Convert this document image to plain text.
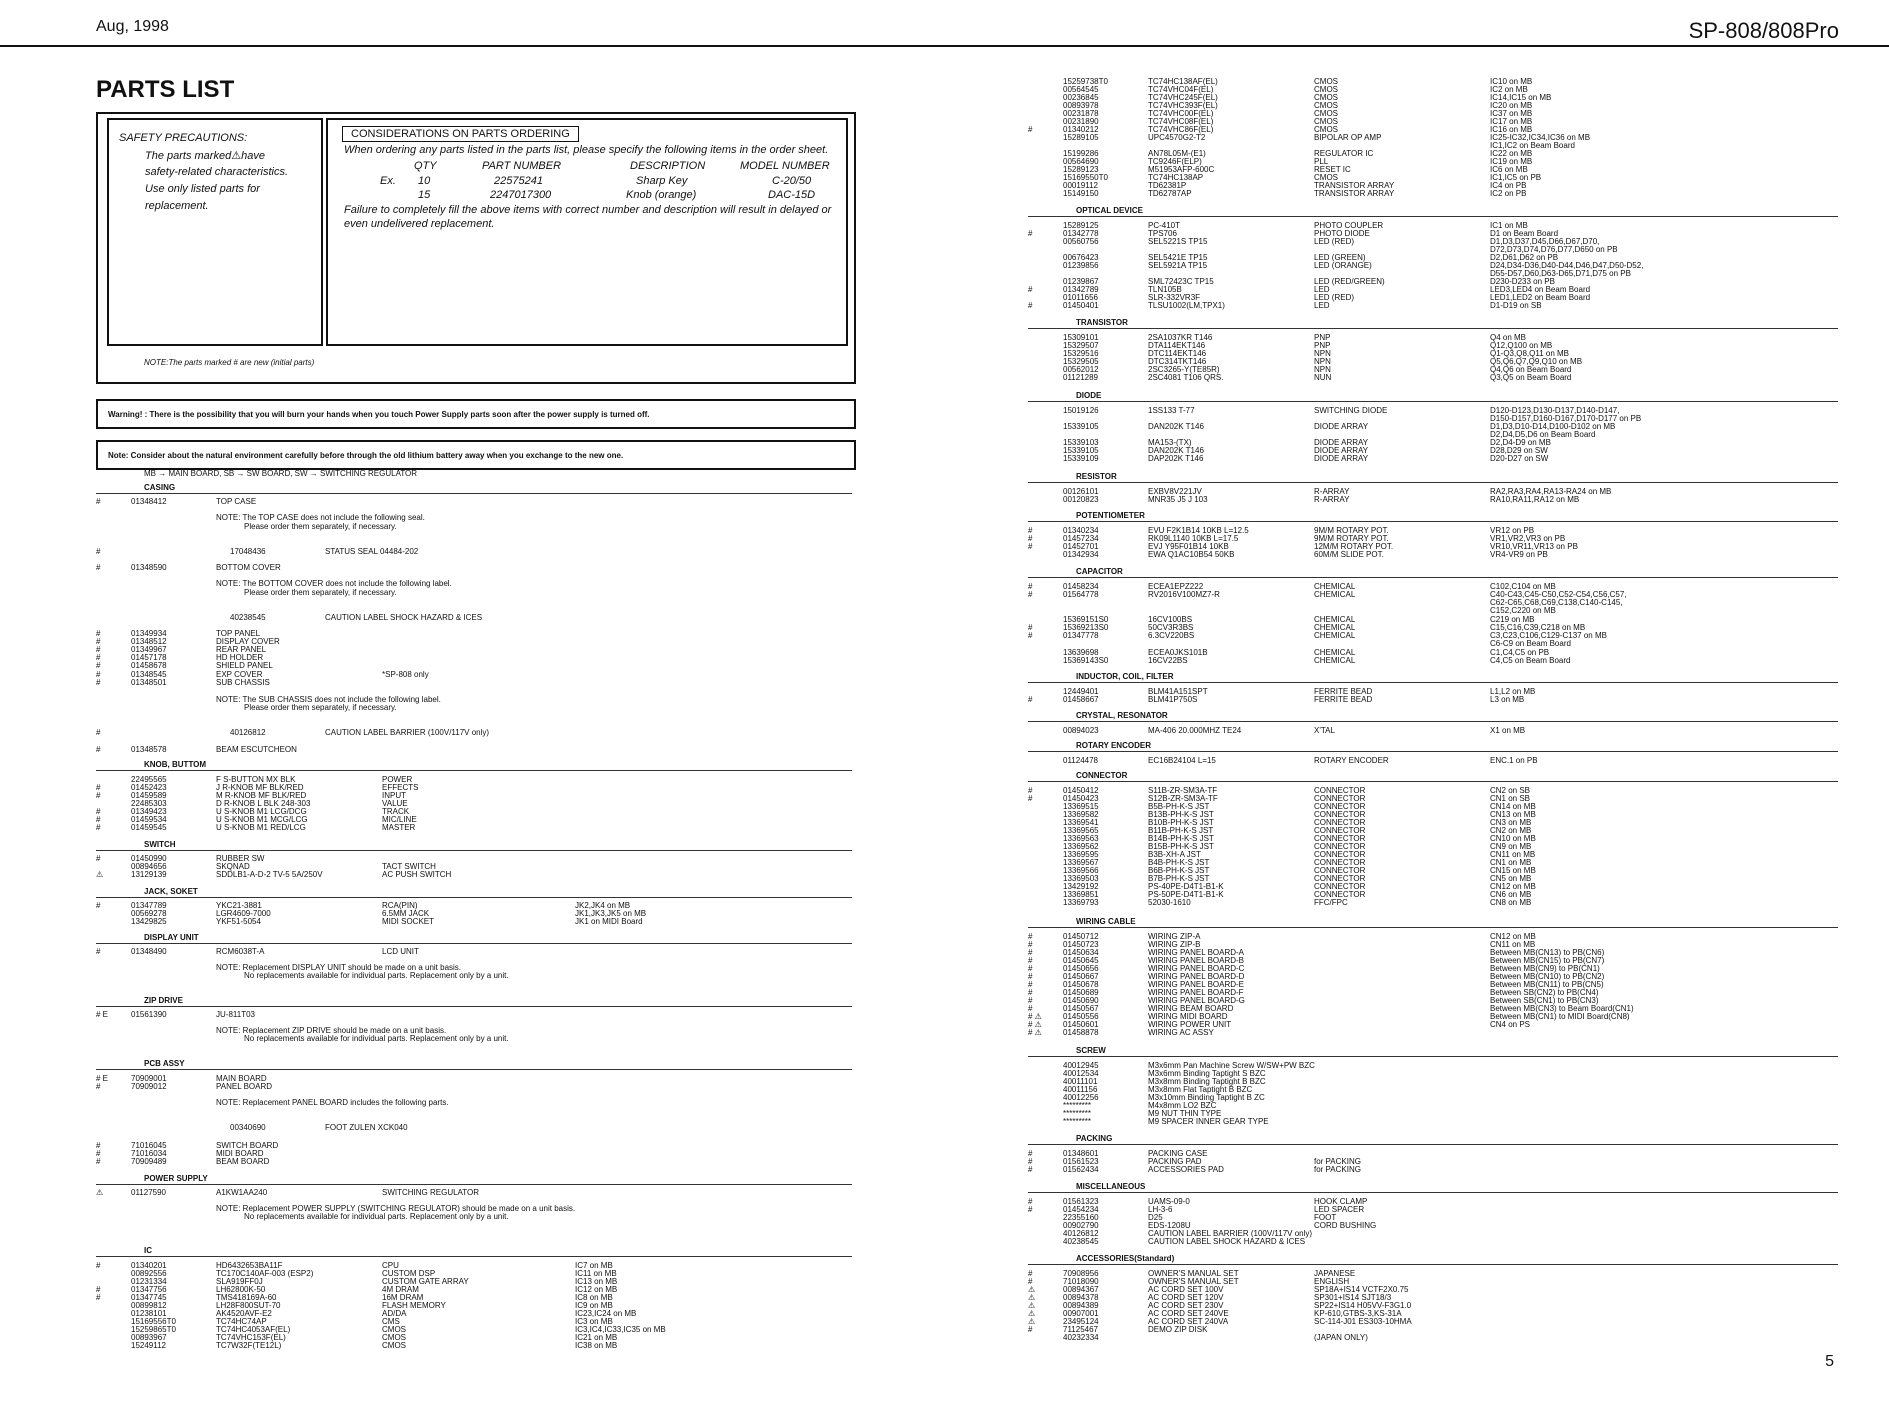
Aug, 1998	SP-808/808Pro
PARTS LIST
SAFETY PRECAUTIONS:
The parts marked⚠have
safety-related characteristics.
Use only listed parts for
replacement.
CONSIDERATIONS ON PARTS ORDERING
When ordering any parts listed in the parts list, please specify the following items in the order sheet.
QTY	PART NUMBER	DESCRIPTION	MODEL NUMBER
Ex. 10	22575241	Sharp Key	C-20/50
15	2247017300	Knob (orange)	DAC-15D
Failure to completely fill the above items with correct number and description will result in delayed or even undelivered replacement.
NOTE:The parts marked # are new (initial parts)
Warning! : There is the possibility that you will burn your hands when you touch Power Supply parts soon after the power supply is turned off.
Note: Consider about the natural environment carefully before through the old lithium battery away when you exchange to the new one.
MB → MAIN BOARD, SB → SW BOARD, SW → SWITCHING REGULATOR
CASING
#	01348412	TOP CASE
NOTE: The TOP CASE does not include the following seal.
Please order them separately, if necessary.
#	17048436	STATUS SEAL 04484-202
#	01348590	BOTTOM COVER
NOTE: The BOTTOM COVER does not include the following label.
Please order them separately, if necessary.
40238545	CAUTION LABEL SHOCK HAZARD & ICES
#	01349934	TOP PANEL
#	01348512	DISPLAY COVER
#	01349967	REAR PANEL
#	01457178	HD HOLDER
#	01458678	SHIELD PANEL
#	01348545	EXP COVER	*SP-808 only
#	01348501	SUB CHASSIS
NOTE: The SUB CHASSIS does not include the following label.
Please order them separately, if necessary.
#	40126812	CAUTION LABEL BARRIER (100V/117V only)
#	01348578	BEAM ESCUTCHEON
KNOB, BUTTOM
22495565	F S-BUTTON MX BLK	POWER
#	01452423	J R-KNOB MF BLK/RED	EFFECTS
#	01459589	M R-KNOB MF BLK/RED	INPUT
22485303	D R-KNOB L BLK 248-303	VALUE
#	01349423	U S-KNOB M1 LCG/DCG	TRACK
#	01459534	U S-KNOB M1 MCG/LCG	MIC/LINE
#	01459545	U S-KNOB M1 RED/LCG	MASTER
SWITCH
#	01450990	RUBBER SW
00894656	SKQNAD	TACT SWITCH
⚠	13129139	SDDLB1-A-D-2 TV-5 5A/250V	AC PUSH SWITCH
JACK, SOKET
#	01347789	YKC21-3881	RCA(PIN)	JK2,JK4 on MB
00569278	LGR4609-7000	6.5MM JACK	JK1,JK3,JK5 on MB
13429825	YKF51-5054	MIDI SOCKET	JK1 on MIDI Board
DISPLAY UNIT
#	01348490	RCM6038T-A	LCD UNIT
NOTE: Replacement DISPLAY UNIT should be made on a unit basis.
No replacements available for individual parts. Replacement only by a unit.
ZIP DRIVE
# E	01561390	JU-811T03
NOTE: Replacement ZIP DRIVE should be made on a unit basis.
No replacements available for individual parts. Replacement only by a unit.
PCB ASSY
# E	70909001	MAIN BOARD
#	70909012	PANEL BOARD
NOTE: Replacement PANEL BOARD includes the following parts.
00340690	FOOT ZULEN XCK040
#	71016045	SWITCH BOARD
#	71016034	MIDI BOARD
#	70909489	BEAM BOARD
POWER SUPPLY
⚠	01127590	A1KW1AA240	SWITCHING REGULATOR
NOTE: Replacement POWER SUPPLY (SWITCHING REGULATOR) should be made on a unit basis.
No replacements available for individual parts. Replacement only by a unit.
IC
#	01340201	HD6432653BA11F	CPU	IC7 on MB
00892556	TC170C140AF-003 (ESP2)	CUSTOM DSP	IC11 on MB
01231334	SLA919FF0J	CUSTOM GATE ARRAY	IC13 on MB
#	01347756	LH62800K-50	4M DRAM	IC12 on MB
#	01347745	TMS418169A-60	16M DRAM	IC8 on MB
00899812	LH28F800SUT-70	FLASH MEMORY	IC9 on MB
01238101	AK4520AVF-E2	AD/DA	IC23,IC24 on MB
15169556T0	TC74HC74AP	CMS	IC3 on MB
15259865T0	TC74HC4053AF(EL)	CMOS	IC3,IC4,IC33,IC35 on MB
00893967	TC74VHC153F(EL)	CMOS	IC21 on MB
15249112	TC7W32F(TE12L)	CMOS	IC38 on MB
15259738T0	TC74HC138AF(EL)	CMOS	IC10 on MB
00564545	TC74VHC04F(EL)	CMOS	IC2 on MB
00236845	TC74VHC245F(EL)	CMOS	IC14,IC15 on MB
00893978	TC74VHC393F(EL)	CMOS	IC20 on MB
00231878	TC74VHC00F(EL)	CMOS	IC37 on MB
00231890	TC74VHC08F(EL)	CMOS	IC17 on MB
#	01340212	TC74VHC86F(EL)	CMOS	IC16 on MB
15289105	UPC4570G2-T2	BIPOLAR OP AMP	IC25-IC32,IC34,IC36 on MB
IC1,IC2 on Beam Board
15199286	AN78L05M-(E1)	REGULATOR IC	IC22 on MB
00564690	TC9246F(ELP)	PLL	IC19 on MB
15289123	M51953AFP-600C	RESET IC	IC6 on MB
15169550T0	TC74HC138AP	CMOS	IC1,IC5 on PB
00019112	TD62381P	TRANSISTOR ARRAY	IC4 on PB
15149150	TD62787AP	TRANSISTOR ARRAY	IC2 on PB
OPTICAL DEVICE
15289125	PC-410T	PHOTO COUPLER	IC1 on MB
#	01342778	TPS706	PHOTO DIODE	D1 on Beam Board
00560756	SEL5221S TP15	LED (RED)	D1,D3,D37,D45,D66,D67,D70,
D72,D73,D74,D76,D77,D650 on PB
00676423	SEL5421E TP15	LED (GREEN)	D2,D61,D62 on PB
01239856	SEL5921A TP15	LED (ORANGE)	D24,D34-D36,D40-D44,D46,D47,D50-D52,
D55-D57,D60,D63-D65,D71,D75 on PB
01239867	SML72423C TP15	LED (RED/GREEN)	D230-D233 on PB
#	01342789	TLN105B	LED	LED3,LED4 on Beam Board
01011656	SLR-332VR3F	LED (RED)	LED1,LED2 on Beam Board
#	01450401	TLSU1002(LM,TPX1)	LED	D1-D19 on SB
TRANSISTOR
15309101	2SA1037KR T146	PNP	Q4 on MB
15329507	DTA114EKT146	PNP	Q12,Q100 on MB
15329516	DTC114EKT146	NPN	Q1-Q3,Q8,Q11 on MB
15329505	DTC314TKT146	NPN	Q5,Q6,Q7,Q9,Q10 on MB
00562012	2SC3265-Y(TE85R)	NPN	Q4,Q6 on Beam Board
01121289	2SC4081 T106 QRS.	NUN	Q3,Q5 on Beam Board
DIODE
15019126	1SS133 T-77	SWITCHING DIODE	D120-D123,D130-D137,D140-D147,
D150-D157,D160-D167,D170-D177 on PB
15339105	DAN202K T146	DIODE ARRAY	D1,D3,D10-D14,D100-D102 on MB
D2,D4,D5,D6 on Beam Board
15339103	MA153-(TX)	DIODE ARRAY	D2,D4-D9 on MB
15339105	DAN202K T146	DIODE ARRAY	D28,D29 on SW
15339109	DAP202K T146	DIODE ARRAY	D20-D27 on SW
RESISTOR
00126101	EXBV8V221JV	R-ARRAY	RA2,RA3,RA4,RA13-RA24 on MB
00120823	MNR35 J5 J 103	R-ARRAY	RA10,RA11,RA12 on MB
POTENTIOMETER
#	01340234	EVU F2K1B14 10KB L=12.5	9M/M ROTARY POT.	VR12 on PB
#	01457234	RK09L1140 10KB L=17.5	9M/M ROTARY POT.	VR1,VR2,VR3 on PB
#	01452701	EVJ Y95F01B14 10KB	12M/M ROTARY POT.	VR10,VR11,VR13 on PB
01342934	EWA Q1AC10B54 50KB	60M/M SLIDE POT.	VR4-VR9 on PB
CAPACITOR
#	01458234	ECEA1EPZ222	CHEMICAL	C102,C104 on MB
#	01564778	RV2016V100MZ7-R	CHEMICAL	C40-C43,C45-C50,C52-C54,C56,C57,
C62-C65,C68,C69,C138,C140-C145,
C152,C220 on MB
15369151S0	16CV100BS	CHEMICAL	C219 on MB
#	15369213S0	50CV3R3BS	CHEMICAL	C15,C16,C39,C218 on MB
#	01347778	6.3CV220BS	CHEMICAL	C3,C23,C106,C129-C137 on MB
C6-C9 on Beam Board
13639698	ECEA0JKS101B	CHEMICAL	C1,C4,C5 on PB
15369143S0	16CV22BS	CHEMICAL	C4,C5 on Beam Board
INDUCTOR, COIL, FILTER
12449401	BLM41A151SPT	FERRITE BEAD	L1,L2 on MB
#	01458667	BLM41P750S	FERRITE BEAD	L3 on MB
CRYSTAL, RESONATOR
00894023	MA-406 20.000MHZ TE24	X'TAL	X1 on MB
ROTARY ENCODER
01124478	EC16B24104 L=15	ROTARY ENCODER	ENC.1 on PB
CONNECTOR
#	01450412	S11B-ZR-SM3A-TF	CONNECTOR	CN2 on SB
#	01450423	S12B-ZR-SM3A-TF	CONNECTOR	CN1 on SB
13369515	B5B-PH-K-S JST	CONNECTOR	CN14 on MB
13369582	B13B-PH-K-S JST	CONNECTOR	CN13 on MB
13369541	B10B-PH-K-S JST	CONNECTOR	CN3 on MB
13369565	B11B-PH-K-S JST	CONNECTOR	CN2 on MB
13369563	B14B-PH-K-S JST	CONNECTOR	CN10 on MB
13369562	B15B-PH-K-S JST	CONNECTOR	CN9 on MB
13369595	B3B-XH-A JST	CONNECTOR	CN11 on MB
13369567	B4B-PH-K-S JST	CONNECTOR	CN1 on MB
13369566	B6B-PH-K-S JST	CONNECTOR	CN15 on MB
13369503	B7B-PH-K-S JST	CONNECTOR	CN5 on MB
13429192	PS-40PE-D4T1-B1-K	CONNECTOR	CN12 on MB
13369851	PS-50PE-D4T1-B1-K	CONNECTOR	CN6 on MB
13369793	52030-1610	FFC/FPC	CN8 on MB
WIRING CABLE
#	01450712	WIRING ZIP-A	CN12 on MB
#	01450723	WIRING ZIP-B	CN11 on MB
#	01450634	WIRING PANEL BOARD-A	Between MB(CN13) to PB(CN6)
#	01450645	WIRING PANEL BOARD-B	Between MB(CN15) to PB(CN7)
#	01450656	WIRING PANEL BOARD-C	Between MB(CN9) to PB(CN1)
#	01450667	WIRING PANEL BOARD-D	Between MB(CN10) to PB(CN2)
#	01450678	WIRING PANEL BOARD-E	Between MB(CN11) to PB(CN5)
#	01450689	WIRING PANEL BOARD-F	Between SB(CN2) to PB(CN4)
#	01450690	WIRING PANEL BOARD-G	Between SB(CN1) to PB(CN3)
#	01450567	WIRING BEAM BOARD	Between MB(CN3) to Beam Board(CN1)
# ⚠	01450556	WIRING MIDI BOARD	Between MB(CN1) to MIDI Board(CN8)
# ⚠	01450601	WIRING POWER UNIT	CN4 on PS
# ⚠	01458878	WIRING AC ASSY
SCREW
40012945	M3x6mm Pan Machine Screw W/SW+PW BZC
40012534	M3x6mm Binding Taptight S BZC
40011101	M3x8mm Binding Taptight B BZC
40011156	M3x8mm Flat Taptight B BZC
40012256	M3x10mm Binding Taptight B ZC
*********	M4x8mm LO2 BZC
*********	M9 NUT THIN TYPE
*********	M9 SPACER INNER GEAR TYPE
PACKING
#	01348601	PACKING CASE
#	01561523	PACKING PAD	for PACKING
#	01562434	ACCESSORIES PAD	for PACKING
MISCELLANEOUS
#	01561323	UAMS-09-0	HOOK CLAMP
#	01454234	LH-3-6	LED SPACER
22355160	D25	FOOT
00902790	EDS-1208U	CORD BUSHING
40126812	CAUTION LABEL BARRIER (100V/117V only)
40238545	CAUTION LABEL SHOCK HAZARD & ICES
ACCESSORIES(Standard)
#	70908956	OWNER'S MANUAL SET	JAPANESE
#	71018090	OWNER'S MANUAL SET	ENGLISH
⚠	00894367	AC CORD SET 100V	SP18A+IS14 VCTF2X0.75
⚠	00894378	AC CORD SET 120V	SP301+IS14 SJT18/3
⚠	00894389	AC CORD SET 230V	SP22+IS14 H05VV-F3G1.0
⚠	00907001	AC CORD SET 240VE	KP-610,GTBS-3,KS-31A
⚠	23495124	AC CORD SET 240VA	SC-114-J01 ES303-10HMA
#	71125467	DEMO ZIP DISK
40232334	(JAPAN ONLY)
5
